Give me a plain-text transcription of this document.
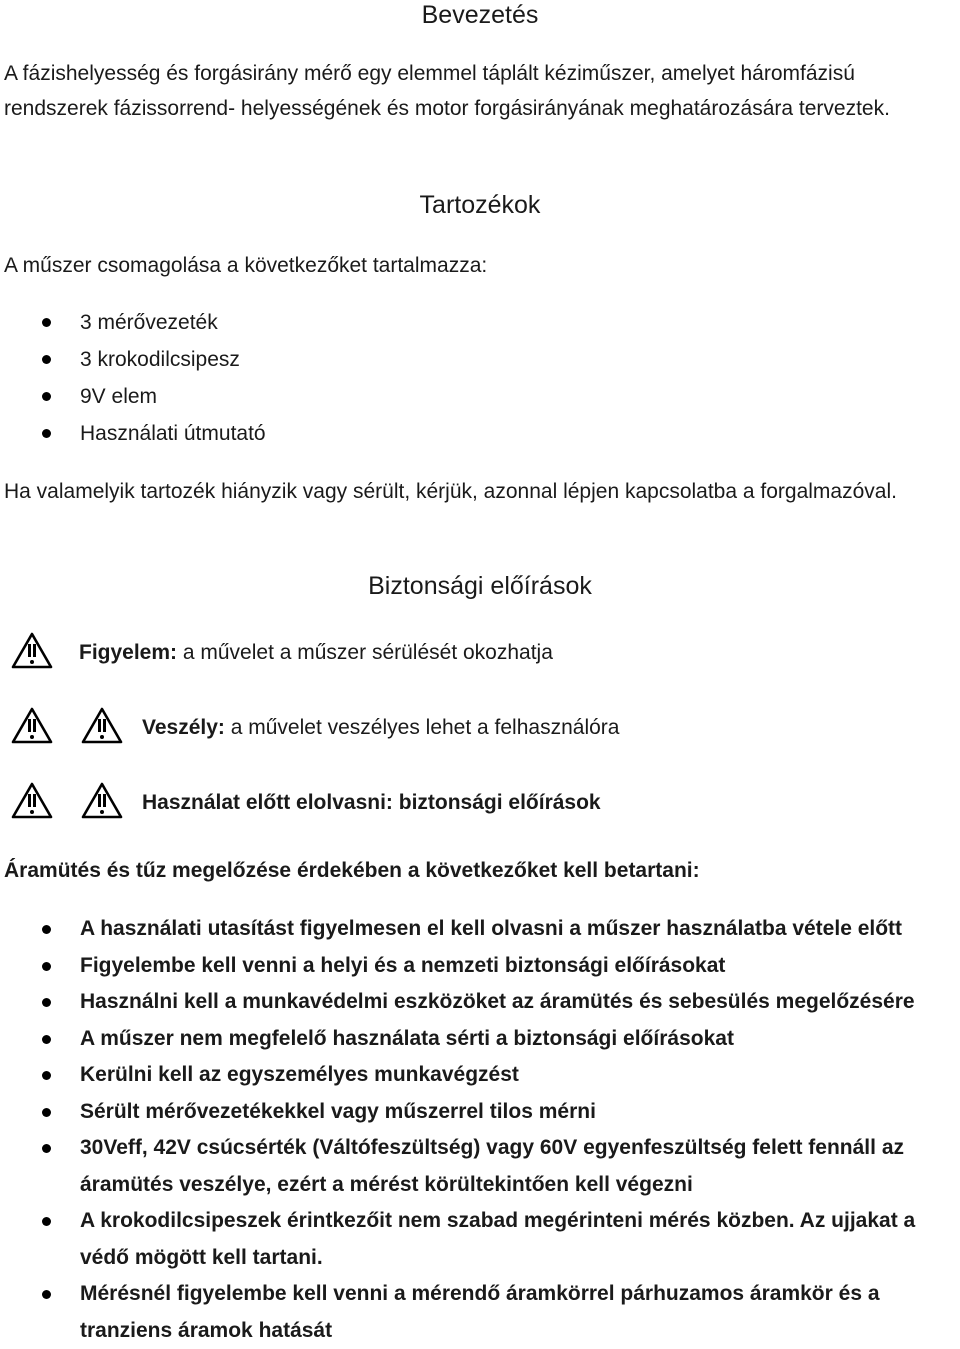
Bevezetés
A fázishelyesség és forgásirány mérő egy elemmel táplált kéziműszer, amelyet háromfázisú rendszerek fázissorrend- helyességének és motor forgásirányának meghatározására terveztek.
Tartozékok
A műszer csomagolása a következőket tartalmazza:
3 mérővezeték
3 krokodilcsipesz
9V elem
Használati útmutató
Ha valamelyik tartozék hiányzik vagy sérült, kérjük, azonnal lépjen kapcsolatba a forgalmazóval.
Biztonsági előírások
Figyelem: a művelet a műszer sérülését okozhatja
Veszély: a művelet veszélyes lehet a felhasználóra
Használat előtt elolvasni: biztonsági előírások
Áramütés és tűz megelőzése érdekében a következőket kell betartani:
A használati utasítást figyelmesen el kell olvasni a műszer használatba vétele előtt
Figyelembe kell venni a helyi és a nemzeti biztonsági előírásokat
Használni kell a munkavédelmi eszközöket az áramütés és sebesülés megelőzésére
A műszer nem megfelelő használata sérti a biztonsági előírásokat
Kerülni kell az egyszemélyes munkavégzést
Sérült mérővezetékekkel vagy műszerrel tilos mérni
30Veff, 42V csúcsérték (Váltófeszültség) vagy 60V egyenfeszültség felett fennáll az áramütés veszélye, ezért a mérést körültekintően kell végezni
A krokodilcsipeszek érintkezőit nem szabad megérinteni mérés közben. Az ujjakat a védő mögött kell tartani.
Mérésnél figyelembe kell venni a mérendő áramkörrel párhuzamos áramkör és a tranziens áramok hatását
